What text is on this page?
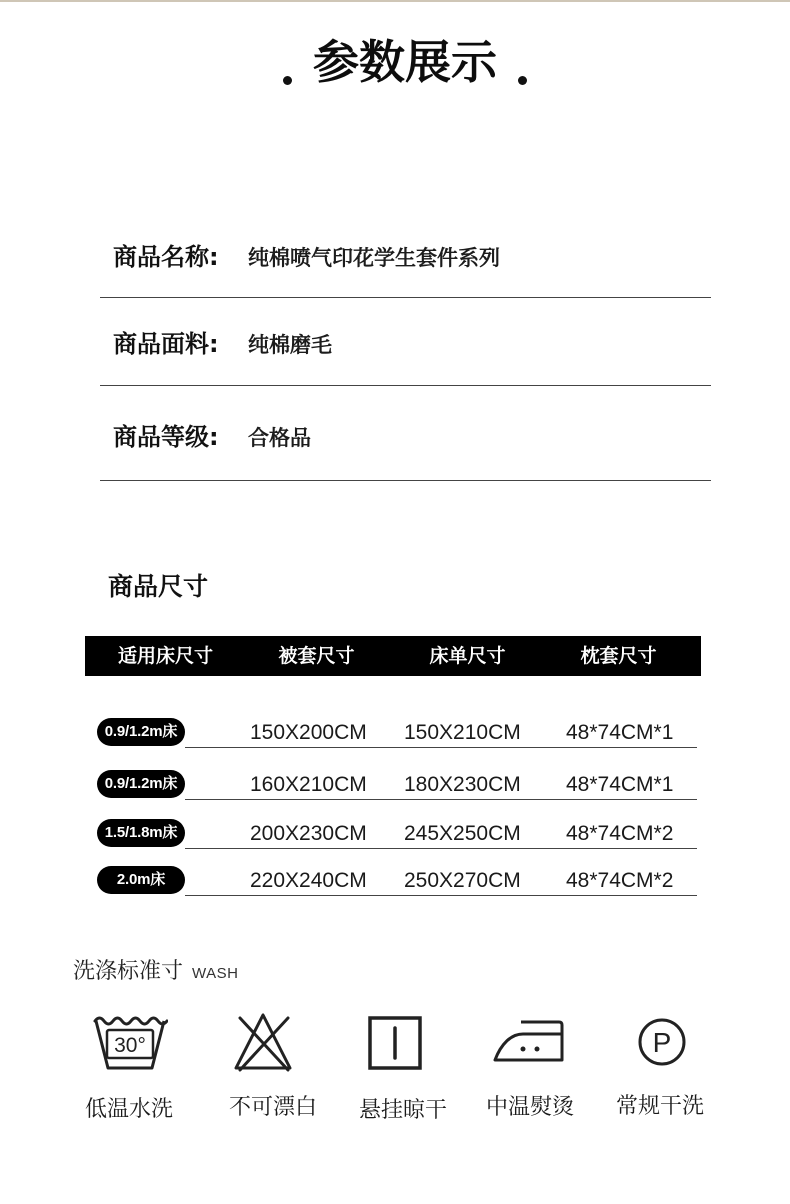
参数展示
商品名称: 纯棉喷气印花学生套件系列
商品面料: 纯棉磨毛
商品等级: 合格品
商品尺寸
适用床尺寸	被套尺寸	床单尺寸	枕套尺寸
0.9/1.2m床	150X200CM 150X210CM 48*74CM*1
0.9/1.2m床	160X210CM 180X230CM 48*74CM*1
1.5/1.8m床	200X230CM 245X250CM 48*74CM*2
2.0m床	220X240CM 250X270CM 48*74CM*2
洗涤标准寸 WASH
30°
低温水洗	不可漂白	悬挂晾干	中温熨烫
P
常规干洗
